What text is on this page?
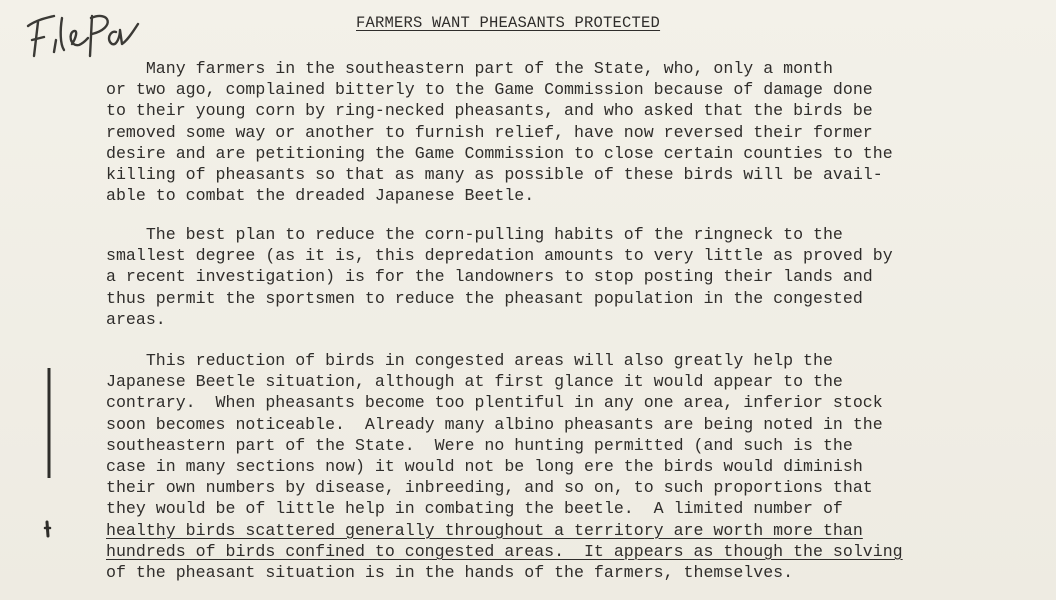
FARMERS WANT PHEASANTS PROTECTED
Many farmers in the southeastern part of the State, who, only a month
or two ago, complained bitterly to the Game Commission because of damage done
to their young corn by ring-necked pheasants, and who asked that the birds be
removed some way or another to furnish relief, have now reversed their former
desire and are petitioning the Game Commission to close certain counties to the
killing of pheasants so that as many as possible of these birds will be avail-
able to combat the dreaded Japanese Beetle.
The best plan to reduce the corn-pulling habits of the ringneck to the
smallest degree (as it is, this depredation amounts to very little as proved by
a recent investigation) is for the landowners to stop posting their lands and
thus permit the sportsmen to reduce the pheasant population in the congested
areas.
This reduction of birds in congested areas will also greatly help the
Japanese Beetle situation, although at first glance it would appear to the
contrary.  When pheasants become too plentiful in any one area, inferior stock
soon becomes noticeable.  Already many albino pheasants are being noted in the
southeastern part of the State.  Were no hunting permitted (and such is the
case in many sections now) it would not be long ere the birds would diminish
their own numbers by disease, inbreeding, and so on, to such proportions that
they would be of little help in combating the beetle.  A limited number of
healthy birds scattered generally throughout a territory are worth more than
hundreds of birds confined to congested areas.  It appears as though the solving
of the pheasant situation is in the hands of the farmers, themselves.
